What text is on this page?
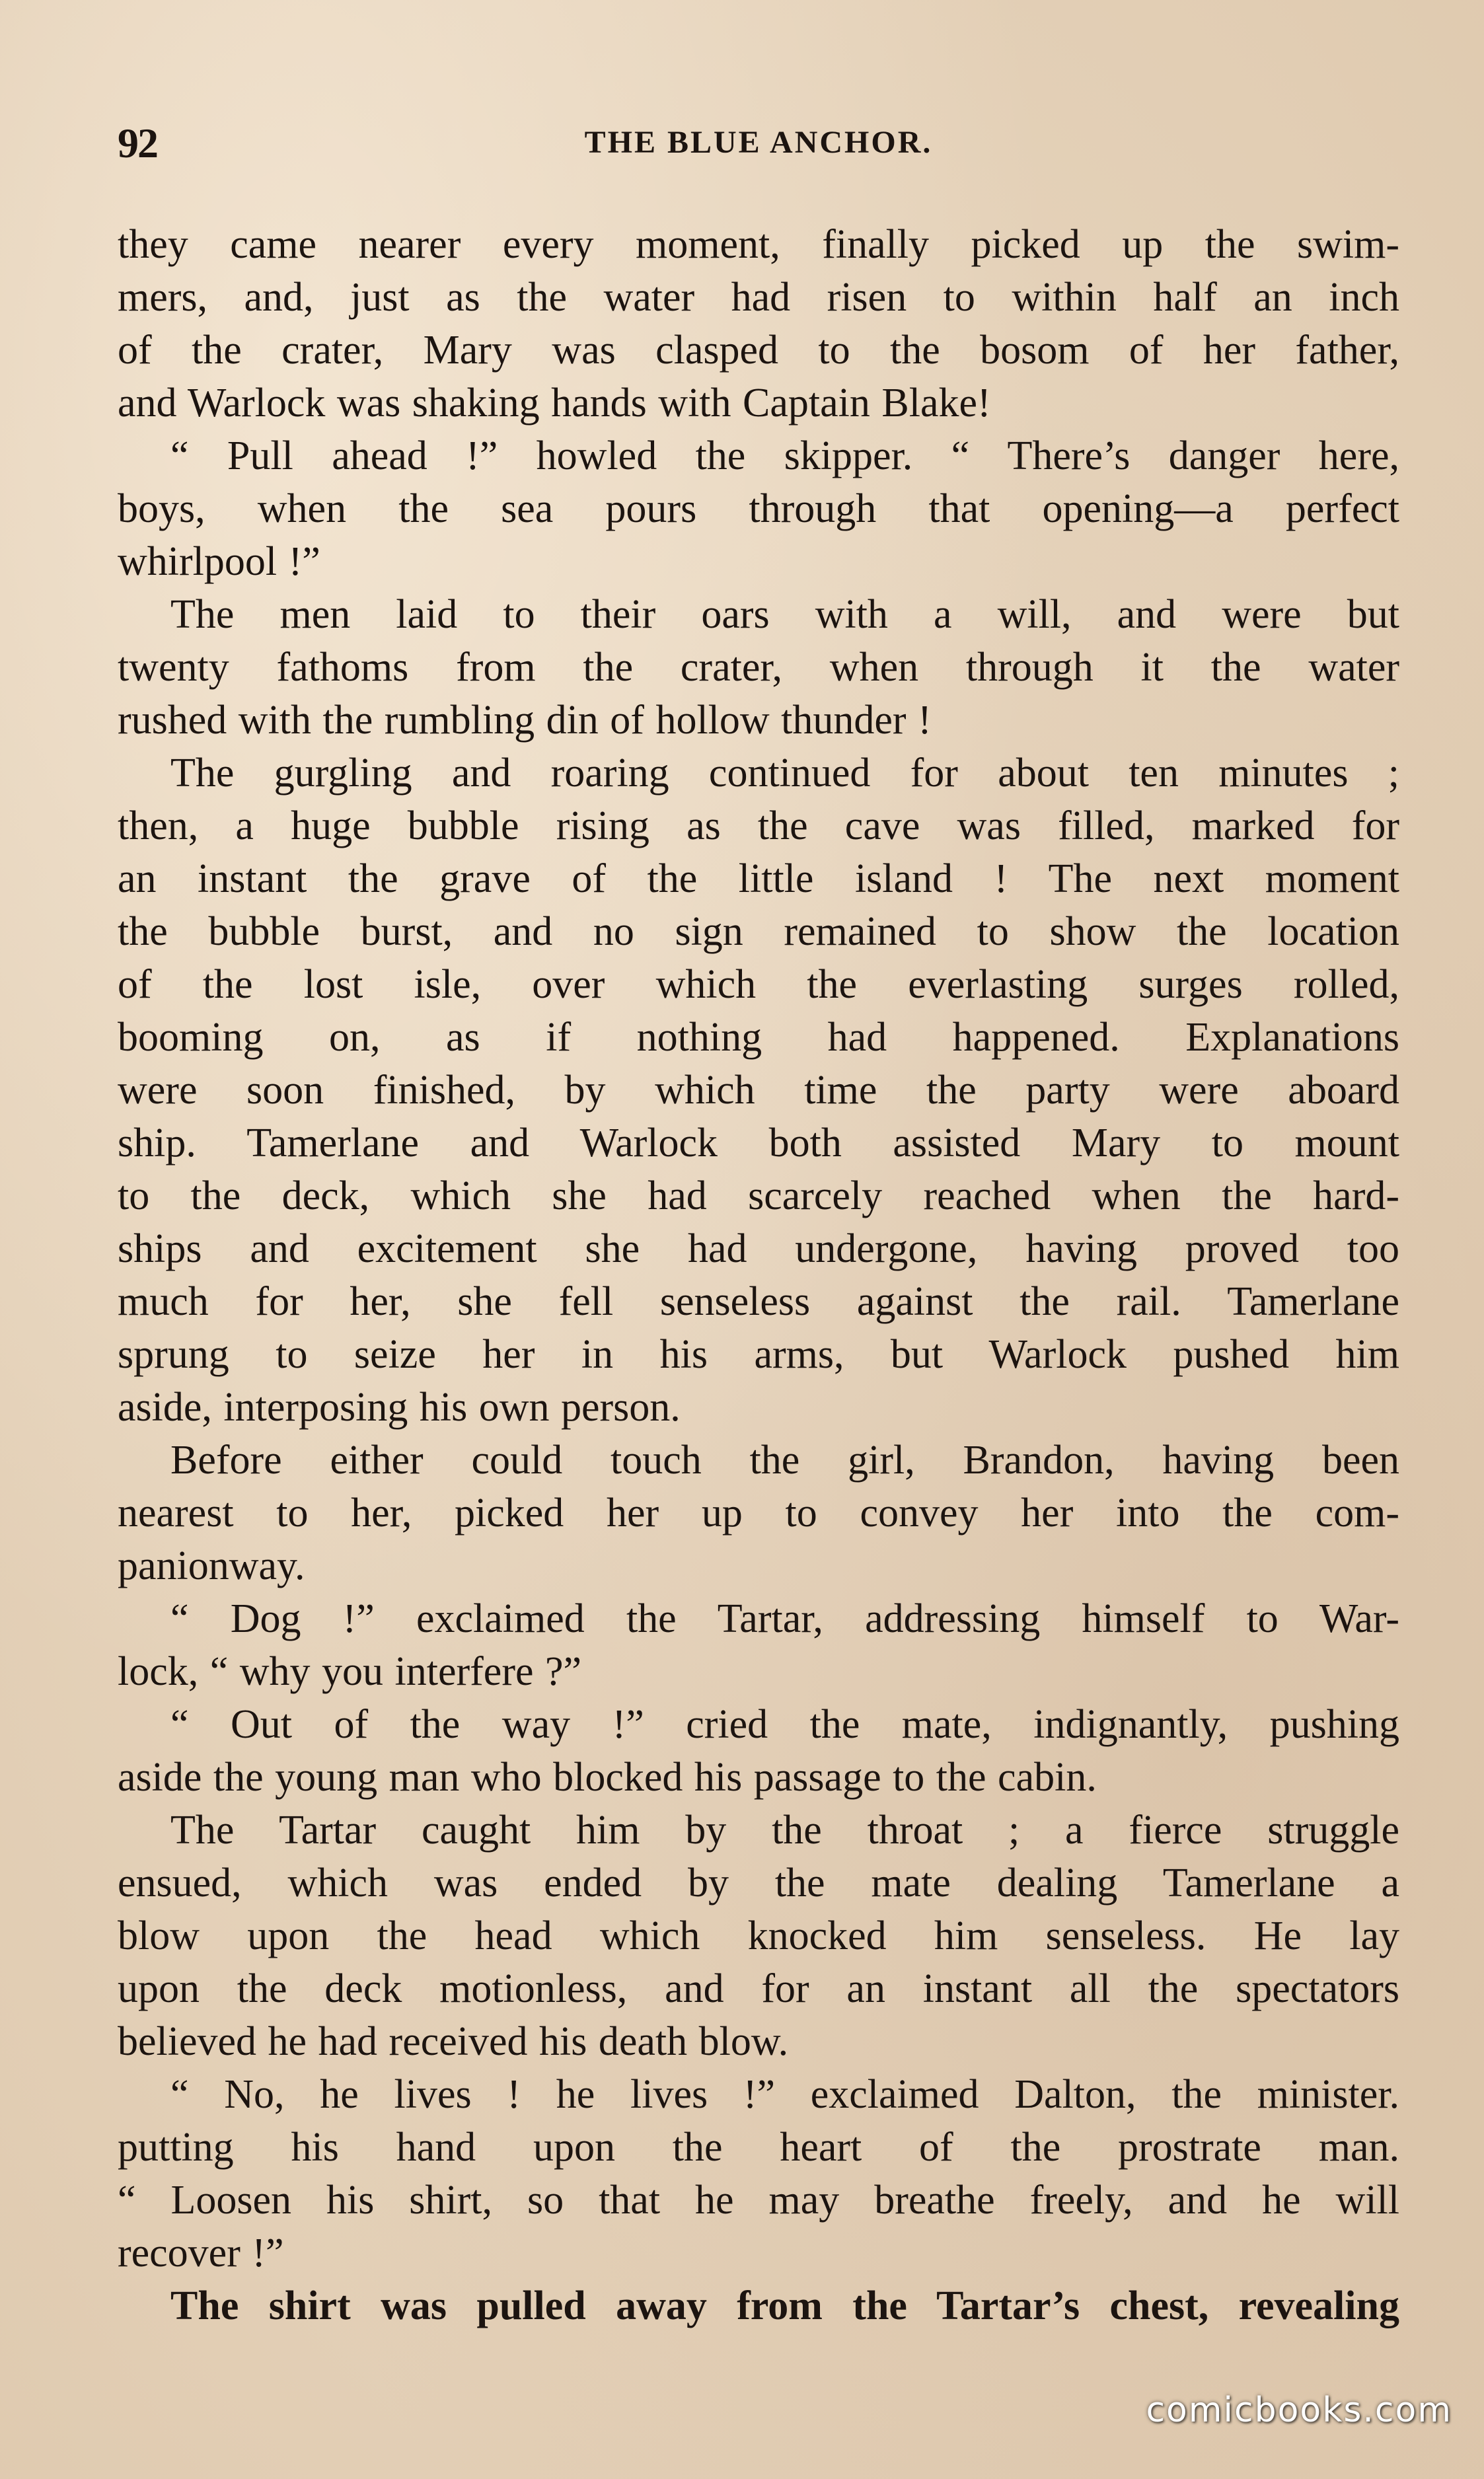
92	THE BLUE ANCHOR.
they came nearer every moment, finally picked up the swim-
mers, and, just as the water had risen to within half an inch
of the crater, Mary was clasped to the bosom of her father,
and Warlock was shaking hands with Captain Blake!
“ Pull ahead !” howled the skipper. “ There’s danger here,
boys, when the sea pours through that opening—a perfect
whirlpool !”
The men laid to their oars with a will, and were but
twenty fathoms from the crater, when through it the water
rushed with the rumbling din of hollow thunder !
The gurgling and roaring continued for about ten minutes ;
then, a huge bubble rising as the cave was filled, marked for
an instant the grave of the little island ! The next moment
the bubble burst, and no sign remained to show the location
of the lost isle, over which the everlasting surges rolled,
booming on, as if nothing had happened. Explanations
were soon finished, by which time the party were aboard
ship. Tamerlane and Warlock both assisted Mary to mount
to the deck, which she had scarcely reached when the hard-
ships and excitement she had undergone, having proved too
much for her, she fell senseless against the rail. Tamerlane
sprung to seize her in his arms, but Warlock pushed him
aside, interposing his own person.
Before either could touch the girl, Brandon, having been
nearest to her, picked her up to convey her into the com-
panionway.
“ Dog !” exclaimed the Tartar, addressing himself to War-
lock, “ why you interfere ?”
“ Out of the way !” cried the mate, indignantly, pushing
aside the young man who blocked his passage to the cabin.
The Tartar caught him by the throat ; a fierce struggle
ensued, which was ended by the mate dealing Tamerlane a
blow upon the head which knocked him senseless. He lay
upon the deck motionless, and for an instant all the spectators
believed he had received his death blow.
“ No, he lives ! he lives !” exclaimed Dalton, the minister.
putting his hand upon the heart of the prostrate man.
“ Loosen his shirt, so that he may breathe freely, and he will
recover !”
The shirt was pulled away from the Tartar’s chest, revealing
comicbooks.com
